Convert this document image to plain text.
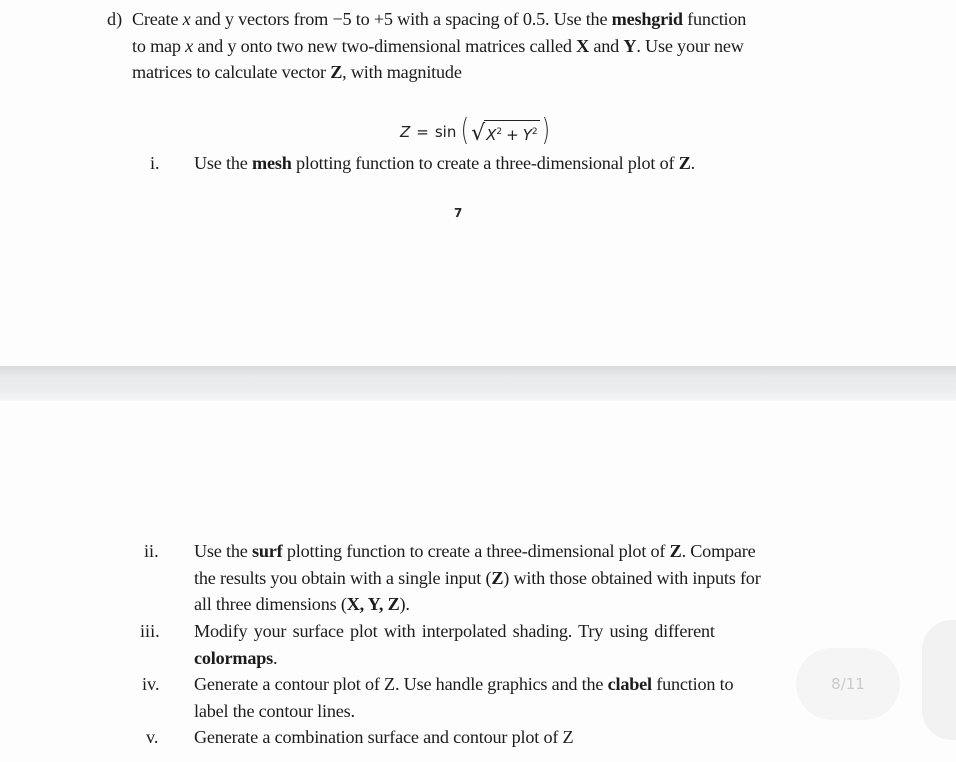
d) Create x and y vectors from −5 to +5 with a spacing of 0.5. Use the meshgrid function
to map x and y onto two new two-dimensional matrices called X and Y. Use your new
matrices to calculate vector Z, with magnitude
Z = sin ( √ $X^2 + Y^2$ )
i. Use the mesh plotting function to create a three-dimensional plot of Z.
7
ii. Use the surf plotting function to create a three-dimensional plot of Z. Compare
the results you obtain with a single input (Z) with those obtained with inputs for
all three dimensions (X, Y, Z).
iii. Modify your surface plot with interpolated shading. Try using different
colormaps.
iv. Generate a contour plot of Z. Use handle graphics and the clabel function to
label the contour lines.
v. Generate a combination surface and contour plot of Z
8/11
